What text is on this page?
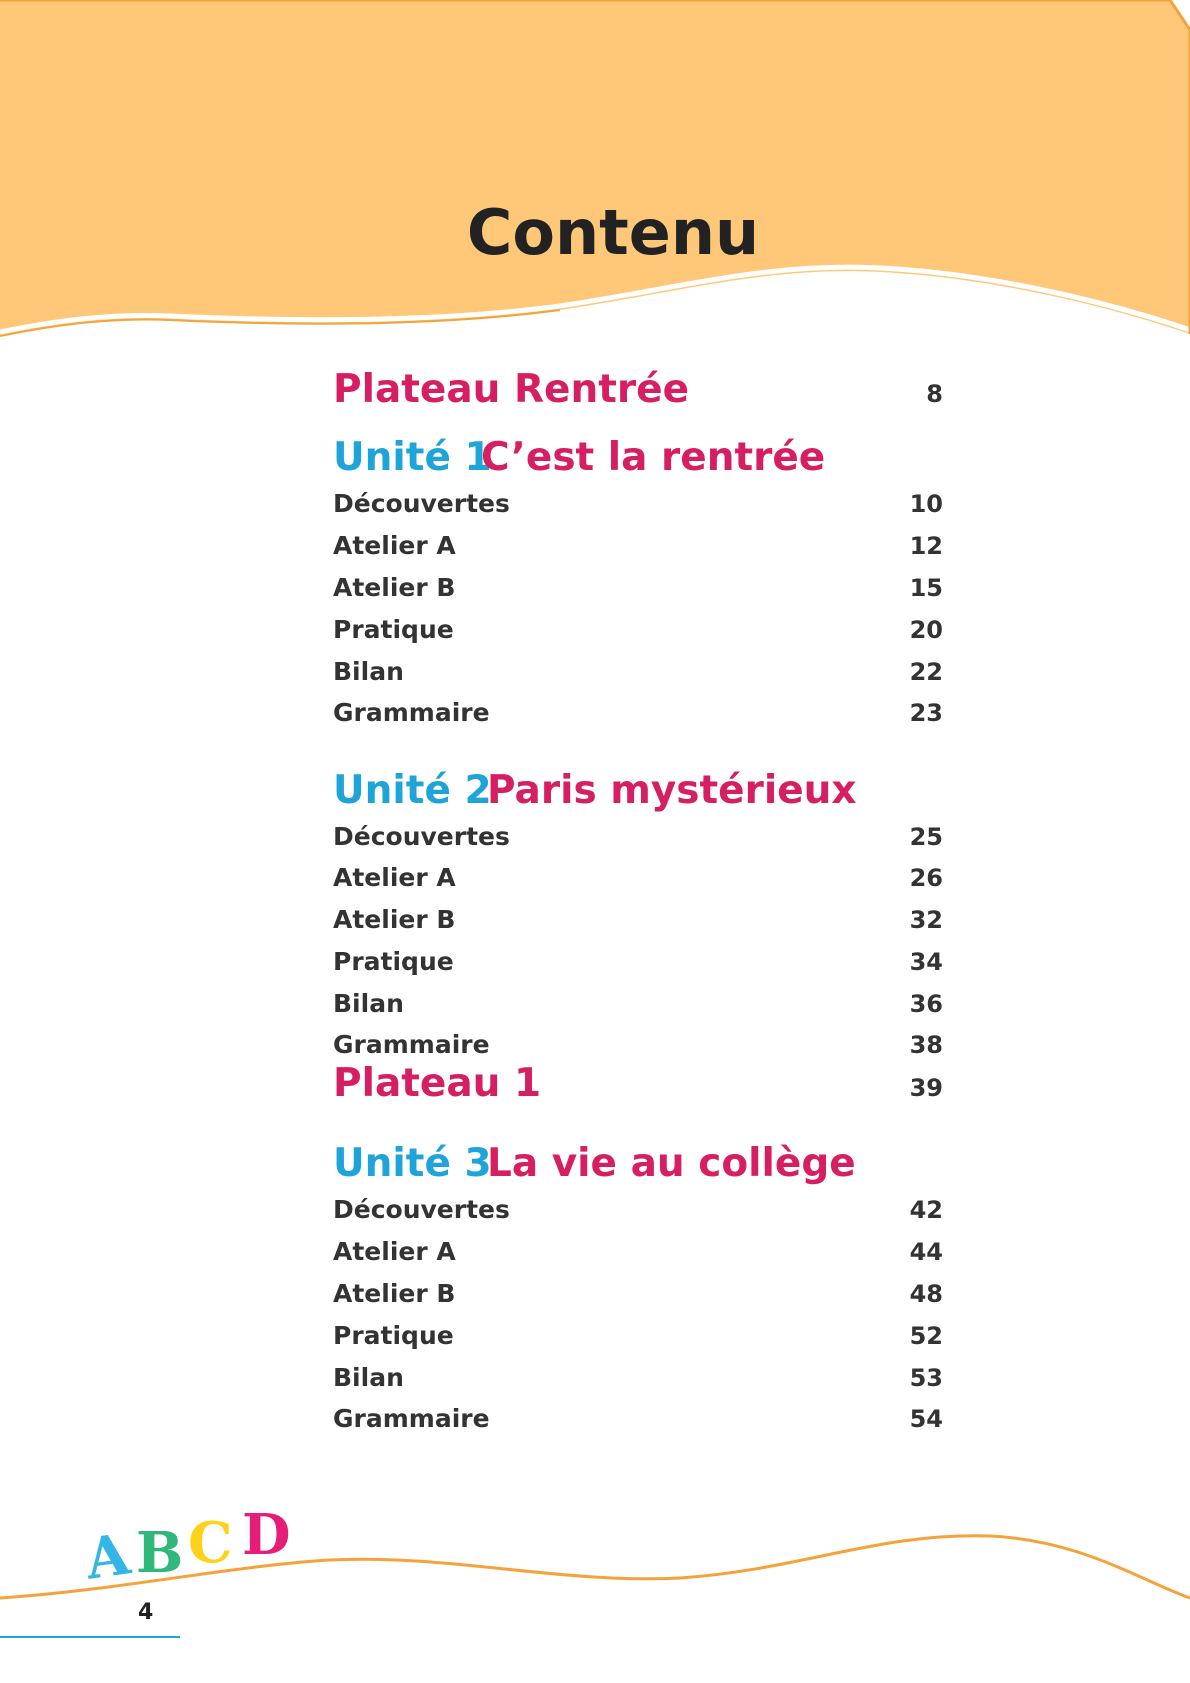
Contenu
Plateau Rentrée	8
Unité 1
C’est la rentrée
Découvertes	10
Atelier A	12
Atelier B	15
Pratique	20
Bilan	22
Grammaire	23
Unité 2
Paris mystérieux
Découvertes	25
Atelier A	26
Atelier B	32
Pratique	34
Bilan	36
Grammaire	38
Plateau 1	39
Unité 3
La vie au collège
Découvertes	42
Atelier A	44
Atelier B	48
Pratique	52
Bilan	53
Grammaire	54
A B C D
4
